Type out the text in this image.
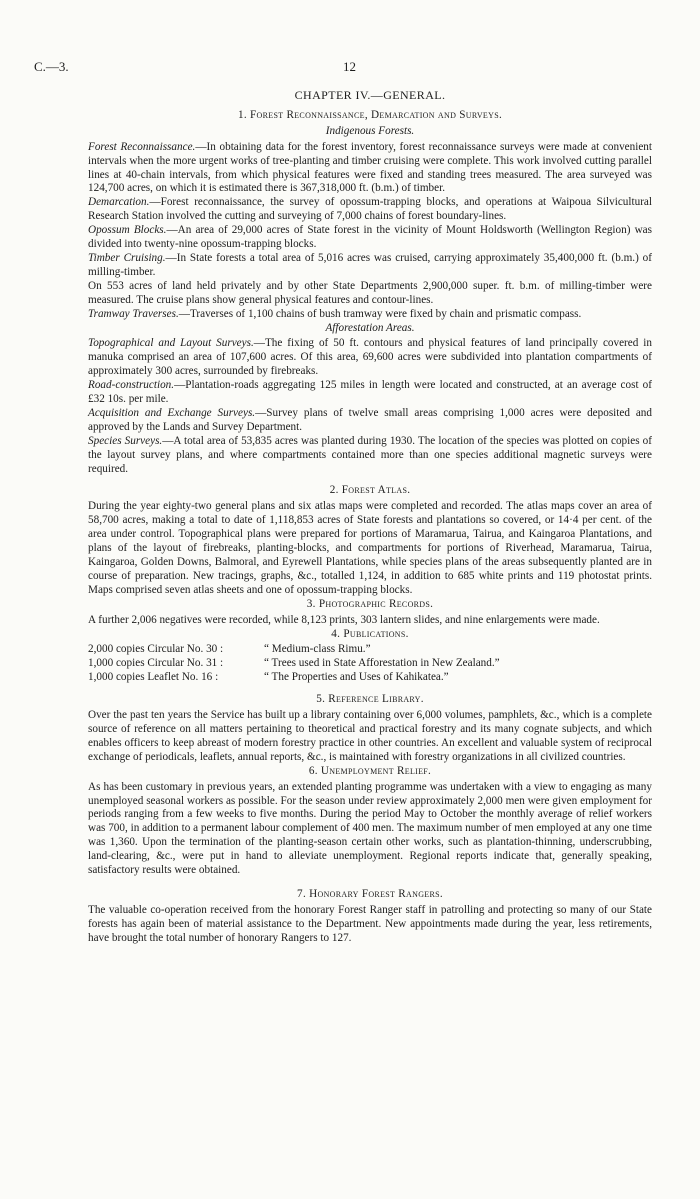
C.—3.	12
CHAPTER IV.—GENERAL.
1. Forest Reconnaissance, Demarcation and Surveys.
Indigenous Forests.

Forest Reconnaissance.—In obtaining data for the forest inventory, forest reconnaissance surveys were made at convenient intervals when the more urgent works of tree-planting and timber cruising were complete. This work involved cutting parallel lines at 40-chain intervals, from which physical features were fixed and standing trees measured. The area surveyed was 124,700 acres, on which it is estimated there is 367,318,000 ft. (b.m.) of timber.

Demarcation.—Forest reconnaissance, the survey of opossum-trapping blocks, and operations at Waipoua Silvicultural Research Station involved the cutting and surveying of 7,000 chains of forest boundary-lines.

Opossum Blocks.—An area of 29,000 acres of State forest in the vicinity of Mount Holdsworth (Wellington Region) was divided into twenty-nine opossum-trapping blocks.

Timber Cruising.—In State forests a total area of 5,016 acres was cruised, carrying approximately 35,400,000 ft. (b.m.) of milling-timber.

On 553 acres of land held privately and by other State Departments 2,900,000 super. ft. b.m. of milling-timber were measured. The cruise plans show general physical features and contour-lines.

Tramway Traverses.—Traverses of 1,100 chains of bush tramway were fixed by chain and prismatic compass.

Afforestation Areas.

Topographical and Layout Surveys.—The fixing of 50 ft. contours and physical features of land principally covered in manuka comprised an area of 107,600 acres. Of this area, 69,600 acres were subdivided into plantation compartments of approximately 300 acres, surrounded by firebreaks.

Road-construction.—Plantation-roads aggregating 125 miles in length were located and constructed, at an average cost of £32 10s. per mile.

Acquisition and Exchange Surveys.—Survey plans of twelve small areas comprising 1,000 acres were deposited and approved by the Lands and Survey Department.

Species Surveys.—A total area of 53,835 acres was planted during 1930. The location of the species was plotted on copies of the layout survey plans, and where compartments contained more than one species additional magnetic surveys were required.

2. Forest Atlas.

During the year eighty-two general plans and six atlas maps were completed and recorded. The atlas maps cover an area of 58,700 acres, making a total to date of 1,118,853 acres of State forests and plantations so covered, or 14·4 per cent. of the area under control. Topographical plans were prepared for portions of Maramarua, Tairua, and Kaingaroa Plantations, and plans of the layout of firebreaks, planting-blocks, and compartments for portions of Riverhead, Maramarua, Tairua, Kaingaroa, Golden Downs, Balmoral, and Eyrewell Plantations, while species plans of the areas subsequently planted are in course of preparation. New tracings, graphs, &c., totalled 1,124, in addition to 685 white prints and 119 photostat prints. Maps comprised seven atlas sheets and one of opossum-trapping blocks.

3. Photographic Records.

A further 2,006 negatives were recorded, while 8,123 prints, 303 lantern slides, and nine enlargements were made.

4. Publications.
2,000 copies Circular No. 30 :	“ Medium-class Rimu.”
1,000 copies Circular No. 31 :	“ Trees used in State Afforestation in New Zealand.”
1,000 copies Leaflet No. 16 :	“ The Properties and Uses of Kahikatea.”
5. Reference Library.

Over the past ten years the Service has built up a library containing over 6,000 volumes, pamphlets, &c., which is a complete source of reference on all matters pertaining to theoretical and practical forestry and its many cognate subjects, and which enables officers to keep abreast of modern forestry practice in other countries. An excellent and valuable system of reciprocal exchange of periodicals, leaflets, annual reports, &c., is maintained with forestry organizations in all civilized countries.

6. Unemployment Relief.

As has been customary in previous years, an extended planting programme was undertaken with a view to engaging as many unemployed seasonal workers as possible. For the season under review approximately 2,000 men were given employment for periods ranging from a few weeks to five months. During the period May to October the monthly average of relief workers was 700, in addition to a permanent labour complement of 400 men. The maximum number of men employed at any one time was 1,360. Upon the termination of the planting-season certain other works, such as plantation-thinning, underscrubbing, land-clearing, &c., were put in hand to alleviate unemployment. Regional reports indicate that, generally speaking, satisfactory results were obtained.

7. Honorary Forest Rangers.

The valuable co-operation received from the honorary Forest Ranger staff in patrolling and protecting so many of our State forests has again been of material assistance to the Department. New appointments made during the year, less retirements, have brought the total number of honorary Rangers to 127.
